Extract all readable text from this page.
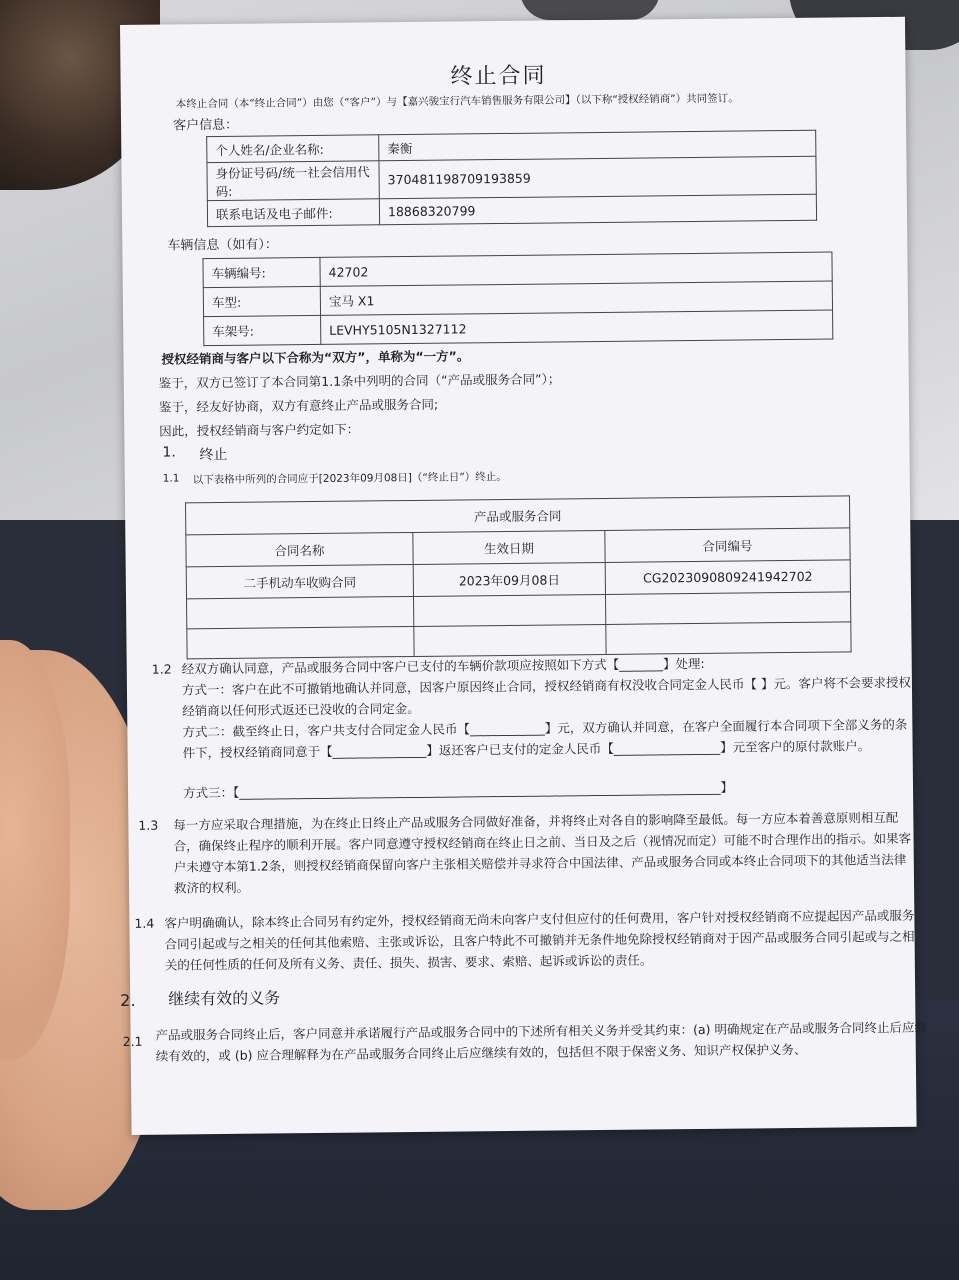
终止合同
本终止合同（本“终止合同”）由您（“客户”）与【嘉兴骏宝行汽车销售服务有限公司】（以下称“授权经销商”）共同签订。
客户信息：
个人姓名/企业名称:	秦衡
身份证号码/统一社会信用代码:	370481198709193859
联系电话及电子邮件:	18868320799
车辆信息（如有）：
车辆编号:	42702
车型:	宝马 X1
车架号:	LEVHY5105N1327112
授权经销商与客户以下合称为“双方”，单称为“一方”。
鉴于，双方已签订了本合同第1.1条中列明的合同（“产品或服务合同”）；
鉴于，经友好协商，双方有意终止产品或服务合同;
因此，授权经销商与客户约定如下：
1. 终止
1.1 以下表格中所列的合同应于[2023年09月08日]（“终止日”）终止。
产品或服务合同		
合同名称	生效日期	合同编号
二手机动车收购合同	2023年09月08日	CG2023090809241942702

1.2 经双方确认同意，产品或服务合同中客户已支付的车辆价款项应按照如下方式【_______】处理:
方式一：客户在此不可撤销地确认并同意，因客户原因终止合同，授权经销商有权没收合同定金人民币【 】元。客户将不会要求授权经销商以任何形式返还已没收的合同定金。
方式二：截至终止日，客户共支付合同定金人民币【____________】元，双方确认并同意，在客户全面履行本合同项下全部义务的条件下，授权经销商同意于【_______________】返还客户已支付的定金人民币【_________________】元至客户的原付款账户。
方式三：【_____________________________________________________________________________】
1.3 每一方应采取合理措施，为在终止日终止产品或服务合同做好准备，并将终止对各自的影响降至最低。每一方应本着善意原则相互配合，确保终止程序的顺利开展。客户同意遵守授权经销商在终止日之前、当日及之后（视情况而定）可能不时合理作出的指示。如果客户未遵守本第1.2条，则授权经销商保留向客户主张相关赔偿并寻求符合中国法律、产品或服务合同或本终止合同项下的其他适当法律救济的权利。
1.4 客户明确确认，除本终止合同另有约定外，授权经销商无尚未向客户支付但应付的任何费用，客户针对授权经销商不应提起因产品或服务合同引起或与之相关的任何其他索赔、主张或诉讼，且客户特此不可撤销并无条件地免除授权经销商对于因产品或服务合同引起或与之相关的任何性质的任何及所有义务、责任、损失、损害、要求、索赔、起诉或诉讼的责任。
2. 继续有效的义务
2.1 产品或服务合同终止后，客户同意并承诺履行产品或服务合同中的下述所有相关义务并受其约束：(a) 明确规定在产品或服务合同终止后应继续有效的，或 (b) 应合理解释为在产品或服务合同终止后应继续有效的，包括但不限于保密义务、知识产权保护义务、
